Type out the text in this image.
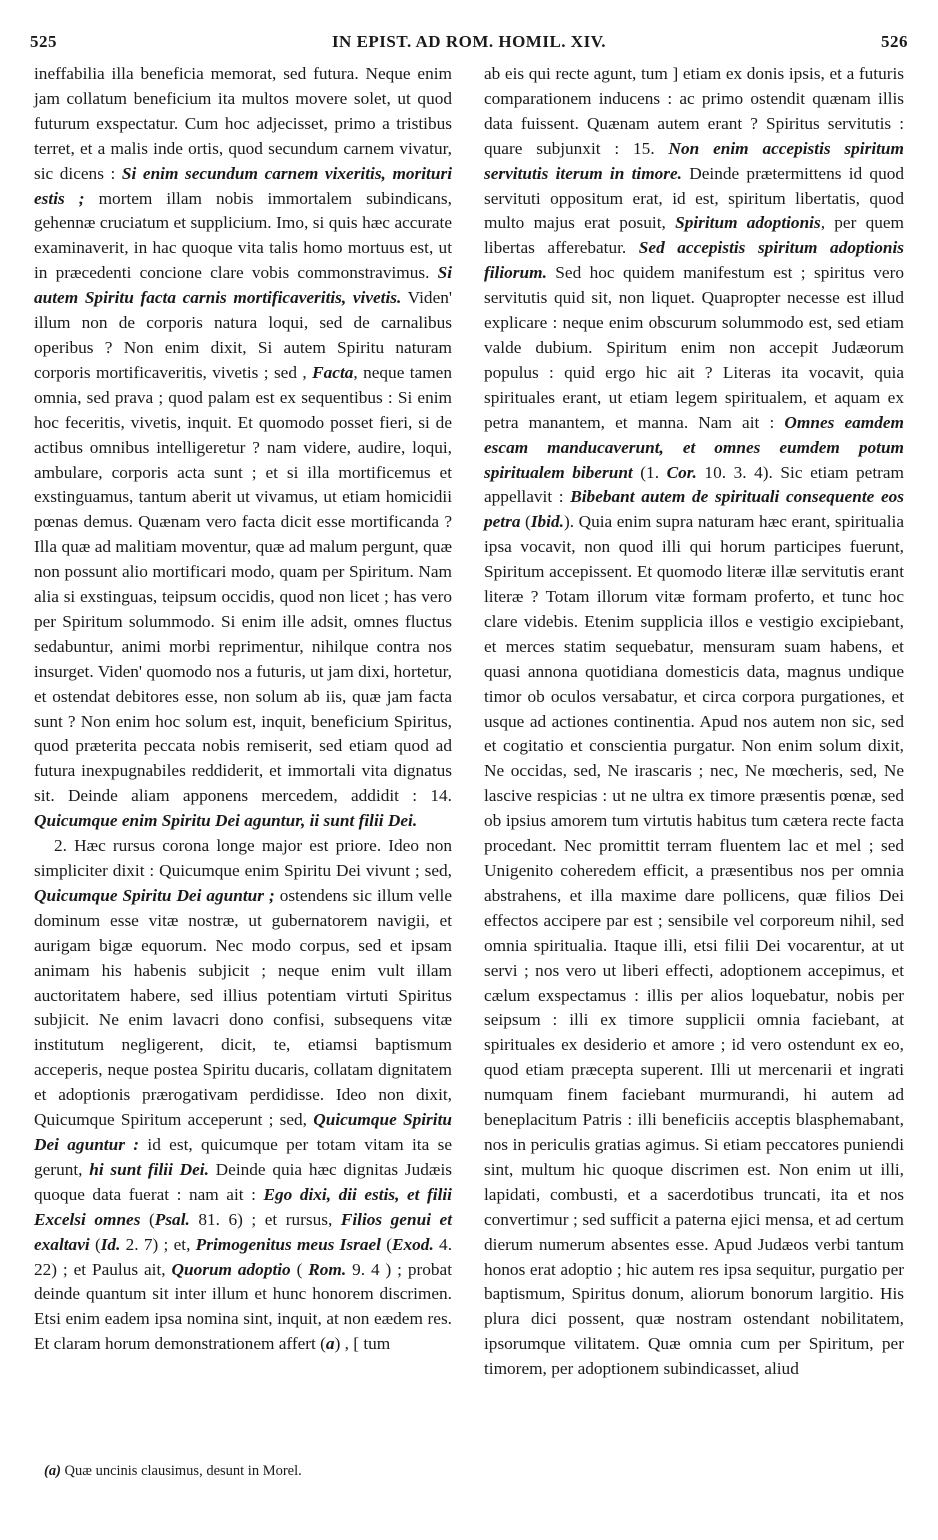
525	IN EPIST. AD ROM. HOMIL. XIV.	526

ineffabilia illa beneficia memorat, sed futura. Neque enim jam collatum beneficium ita multos movere solet, ut quod futurum exspectatur. Cum hoc adjecisset, primo a tristibus terret, et a malis inde ortis, quod secundum carnem vivatur, sic dicens : Si enim secundum carnem vixeritis, morituri estis ; mortem illam nobis immortalem subindicans, gehennæ cruciatum et supplicium. Imo, si quis hæc accurate examinaverit, in hac quoque vita talis homo mortuus est, ut in præcedenti concione clare vobis commonstravimus. Si autem Spiritu facta carnis mortificaveritis, vivetis. Viden' illum non de corporis natura loqui, sed de carnalibus operibus ? Non enim dixit, Si autem Spiritu naturam corporis mortificaveritis, vivetis ; sed , Facta, neque tamen omnia, sed prava ; quod palam est ex sequentibus : Si enim hoc feceritis, vivetis, inquit. Et quomodo posset fieri, si de actibus omnibus intelligeretur ? nam videre, audire, loqui, ambulare, corporis acta sunt ; et si illa mortificemus et exstinguamus, tantum aberit ut vivamus, ut etiam homicidii pœnas demus. Quænam vero facta dicit esse mortificanda ? Illa quæ ad malitiam moventur, quæ ad malum pergunt, quæ non possunt alio mortificari modo, quam per Spiritum. Nam alia si exstinguas, teipsum occidis, quod non licet ; has vero per Spiritum solummodo. Si enim ille adsit, omnes fluctus sedabuntur, animi morbi reprimentur, nihilque contra nos insurget. Viden' quomodo nos a futuris, ut jam dixi, hortetur, et ostendat debitores esse, non solum ab iis, quæ jam facta sunt ? Non enim hoc solum est, inquit, beneficium Spiritus, quod præterita peccata nobis remiserit, sed etiam quod ad futura inexpugnabiles reddiderit, et immortali vita dignatus sit. Deinde aliam apponens mercedem, addidit : 14. Quicumque enim Spiritu Dei aguntur, ii sunt filii Dei.

2. Hæc rursus corona longe major est priore. Ideo non simpliciter dixit : Quicumque enim Spiritu Dei vivunt ; sed, Quicumque Spiritu Dei aguntur ; ostendens sic illum velle dominum esse vitæ nostræ, ut gubernatorem navigii, et aurigam bigæ equorum. Nec modo corpus, sed et ipsam animam his habenis subjicit ; neque enim vult illam auctoritatem habere, sed illius potentiam virtuti Spiritus subjicit. Ne enim lavacri dono confisi, subsequens vitæ institutum negligerent, dicit, te, etiamsi baptismum acceperis, neque postea Spiritu ducaris, collatam dignitatem et adoptionis prærogativam perdidisse. Ideo non dixit, Quicumque Spiritum acceperunt ; sed, Quicumque Spiritu Dei aguntur : id est, quicumque per totam vitam ita se gerunt, hi sunt filii Dei. Deinde quia hæc dignitas Judæis quoque data fuerat : nam ait : Ego dixi, dii estis, et filii Excelsi omnes (Psal. 81. 6) ; et rursus, Filios genui et exaltavi (Id. 2. 7) ; et, Primogenitus meus Israel (Exod. 4. 22) ; et Paulus ait, Quorum adoptio ( Rom. 9. 4 ) ; probat deinde quantum sit inter illum et hunc honorem discrimen. Etsi enim eadem ipsa nomina sint, inquit, at non eædem res. Et claram horum demonstrationem affert (a) , [ tum

ab eis qui recte agunt, tum ] etiam ex donis ipsis, et a futuris comparationem inducens : ac primo ostendit quænam illis data fuissent. Quænam autem erant ? Spiritus servitutis : quare subjunxit : 15. Non enim accepistis spiritum servitutis iterum in timore. Deinde prætermittens id quod servituti oppositum erat, id est, spiritum libertatis, quod multo majus erat posuit, Spiritum adoptionis, per quem libertas afferebatur. Sed accepistis spiritum adoptionis filiorum. Sed hoc quidem manifestum est ; spiritus vero servitutis quid sit, non liquet. Quapropter necesse est illud explicare : neque enim obscurum solummodo est, sed etiam valde dubium. Spiritum enim non accepit Judæorum populus : quid ergo hic ait ? Literas ita vocavit, quia spirituales erant, ut etiam legem spiritualem, et aquam ex petra manantem, et manna. Nam ait : Omnes eamdem escam manducaverunt, et omnes eumdem potum spiritualem biberunt (1. Cor. 10. 3. 4). Sic etiam petram appellavit : Bibebant autem de spirituali consequente eos petra (Ibid.). Quia enim supra naturam hæc erant, spiritualia ipsa vocavit, non quod illi qui horum participes fuerunt, Spiritum accepissent. Et quomodo literæ illæ servitutis erant literæ ? Totam illorum vitæ formam proferto, et tunc hoc clare videbis. Etenim supplicia illos e vestigio excipiebant, et merces statim sequebatur, mensuram suam habens, et quasi annona quotidiana domesticis data, magnus undique timor ob oculos versabatur, et circa corpora purgationes, et usque ad actiones continentia. Apud nos autem non sic, sed et cogitatio et conscientia purgatur. Non enim solum dixit, Ne occidas, sed, Ne irascaris ; nec, Ne mœcheris, sed, Ne lascive respicias : ut ne ultra ex timore præsentis pœnæ, sed ob ipsius amorem tum virtutis habitus tum cætera recte facta procedant. Nec promittit terram fluentem lac et mel ; sed Unigenito coheredem efficit, a præsentibus nos per omnia abstrahens, et illa maxime dare pollicens, quæ filios Dei effectos accipere par est ; sensibile vel corporeum nihil, sed omnia spiritualia. Itaque illi, etsi filii Dei vocarentur, at ut servi ; nos vero ut liberi effecti, adoptionem accepimus, et cælum exspectamus : illis per alios loquebatur, nobis per seipsum : illi ex timore supplicii omnia faciebant, at spirituales ex desiderio et amore ; id vero ostendunt ex eo, quod etiam præcepta superent. Illi ut mercenarii et ingrati numquam finem faciebant murmurandi, hi autem ad beneplacitum Patris : illi beneficiis acceptis blasphemabant, nos in periculis gratias agimus. Si etiam peccatores puniendi sint, multum hic quoque discrimen est. Non enim ut illi, lapidati, combusti, et a sacerdotibus truncati, ita et nos convertimur ; sed sufficit a paterna ejici mensa, et ad certum dierum numerum absentes esse. Apud Judæos verbi tantum honos erat adoptio ; hic autem res ipsa sequitur, purgatio per baptismum, Spiritus donum, aliorum bonorum largitio. His plura dici possent, quæ nostram ostendant nobilitatem, ipsorumque vilitatem. Quæ omnia cum per Spiritum, per timorem, per adoptionem subindicasset, aliud

(a) Quæ uncinis clausimus, desunt in Morel.
